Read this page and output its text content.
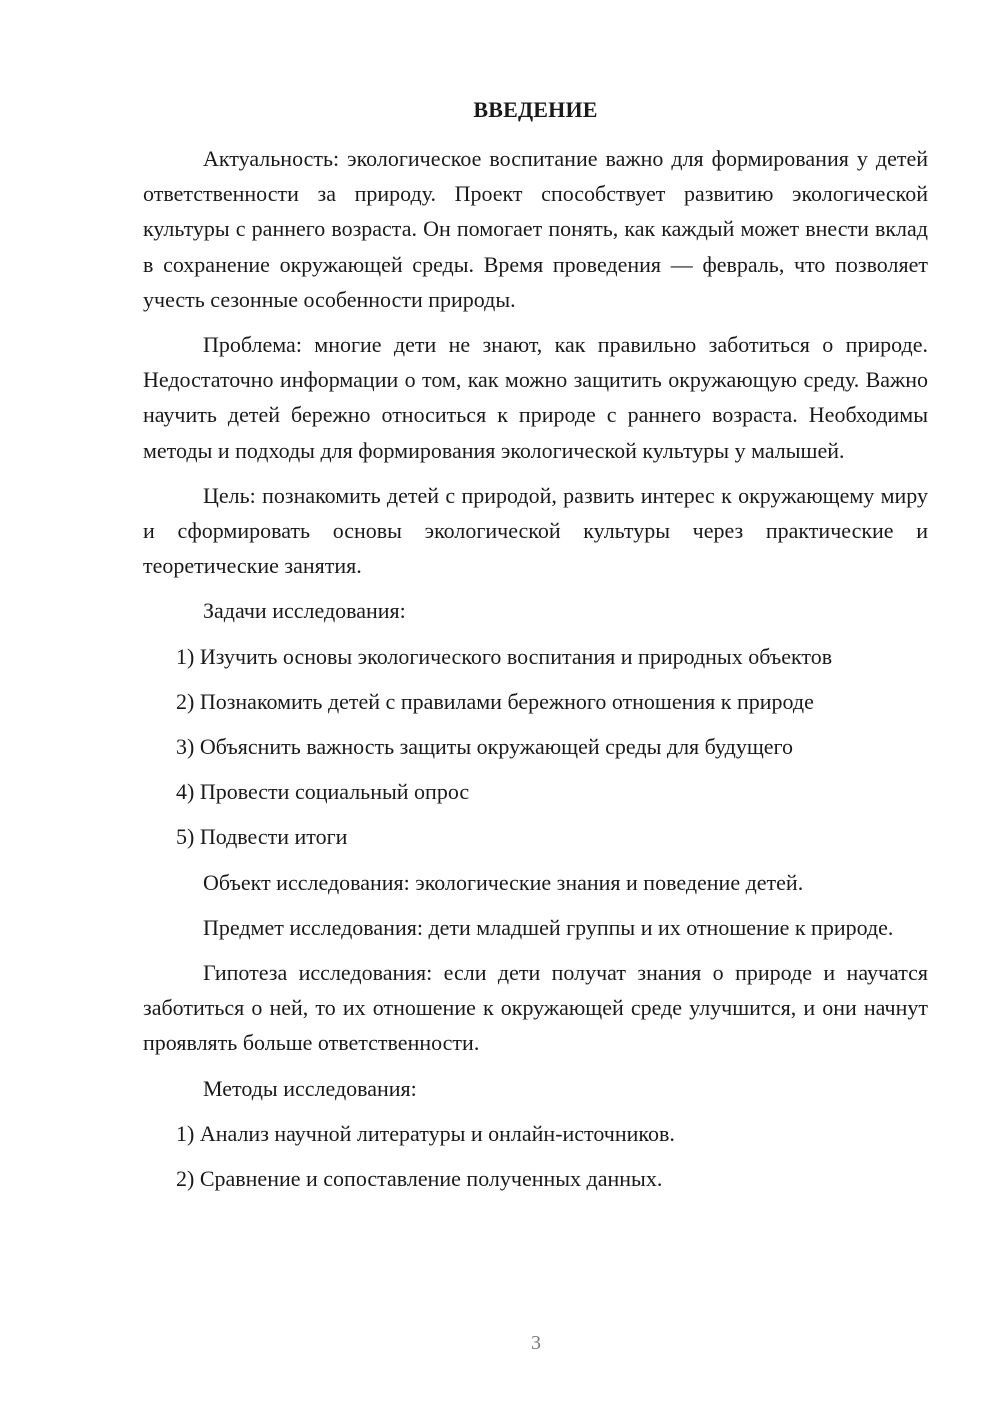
ВВЕДЕНИЕ

Актуальность: экологическое воспитание важно для формирования у детей ответственности за природу. Проект способствует развитию экологической культуры с раннего возраста. Он помогает понять, как каждый может внести вклад в сохранение окружающей среды. Время проведения — февраль, что позволяет учесть сезонные особенности природы.

Проблема: многие дети не знают, как правильно заботиться о природе. Недостаточно информации о том, как можно защитить окружающую среду. Важно научить детей бережно относиться к природе с раннего возраста. Необходимы методы и подходы для формирования экологической культуры у малышей.

Цель: познакомить детей с природой, развить интерес к окружающему миру и сформировать основы экологической культуры через практические и теоретические занятия.

Задачи исследования:

1) Изучить основы экологического воспитания и природных объектов

2) Познакомить детей с правилами бережного отношения к природе

3) Объяснить важность защиты окружающей среды для будущего

4) Провести социальный опрос

5) Подвести итоги

Объект исследования: экологические знания и поведение детей.

Предмет исследования: дети младшей группы и их отношение к природе.

Гипотеза исследования: если дети получат знания о природе и научатся заботиться о ней, то их отношение к окружающей среде улучшится, и они начнут проявлять больше ответственности.

Методы исследования:

1) Анализ научной литературы и онлайн-источников.

2) Сравнение и сопоставление полученных данных.

3
